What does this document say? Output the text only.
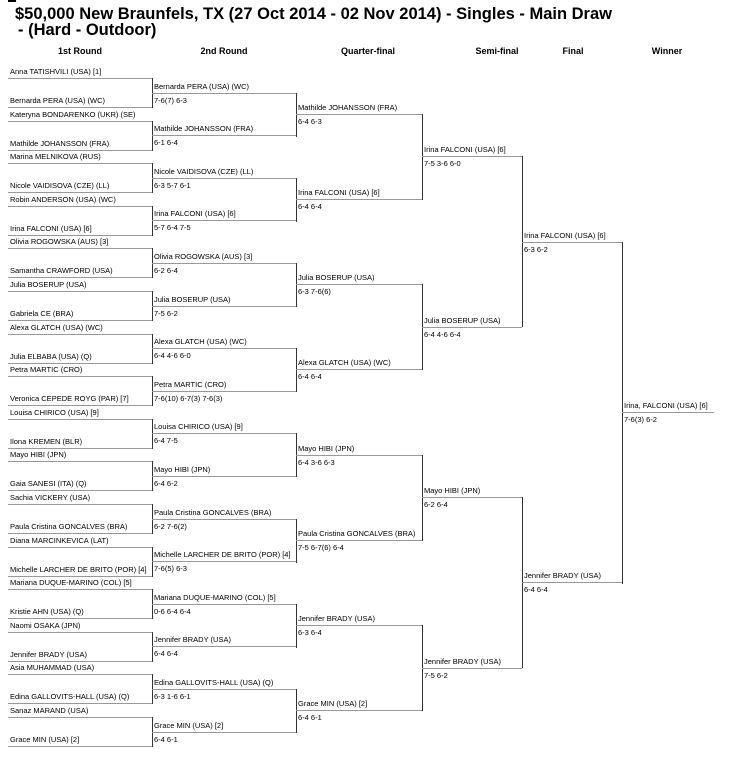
$50,000 New Braunfels, TX (27 Oct 2014 - 02 Nov 2014) - Singles - Main Draw
- (Hard - Outdoor)
1st Round	2nd Round	Quarter-final	Semi-final	Final	Winner
Anna TATISHVILI (USA) [1]
Bernarda PERA (USA) (WC)
Kateryna BONDARENKO (UKR) (SE)
Mathilde JOHANSSON (FRA)
Marina MELNIKOVA (RUS)
Nicole VAIDISOVA (CZE) (LL)
Robin ANDERSON (USA) (WC)
Irina FALCONI (USA) [6]
Olivia ROGOWSKA (AUS) [3]
Samantha CRAWFORD (USA)
Julia BOSERUP (USA)
Gabriela CE (BRA)
Alexa GLATCH (USA) (WC)
Julia ELBABA (USA) (Q)
Petra MARTIC (CRO)
Veronica CEPEDE ROYG (PAR) [7]
Louisa CHIRICO (USA) [9]
Ilona KREMEN (BLR)
Mayo HIBI (JPN)
Gaia SANESI (ITA) (Q)
Sachia VICKERY (USA)
Paula Cristina GONCALVES (BRA)
Diana MARCINKEVICA (LAT)
Michelle LARCHER DE BRITO (POR) [4]
Mariana DUQUE-MARINO (COL) [5]
Kristie AHN (USA) (Q)
Naomi OSAKA (JPN)
Jennifer BRADY (USA)
Asia MUHAMMAD (USA)
Edina GALLOVITS-HALL (USA) (Q)
Sanaz MARAND (USA)
Grace MIN (USA) [2]
Bernarda PERA (USA) (WC)
7-6(7) 6-3
Mathilde JOHANSSON (FRA)
6-1 6-4
Nicole VAIDISOVA (CZE) (LL)
6-3 5-7 6-1
Irina FALCONI (USA) [6]
5-7 6-4 7-5
Olivia ROGOWSKA (AUS) [3]
6-2 6-4
Julia BOSERUP (USA)
7-5 6-2
Alexa GLATCH (USA) (WC)
6-4 4-6 6-0
Petra MARTIC (CRO)
7-6(10) 6-7(3) 7-6(3)
Louisa CHIRICO (USA) [9]
6-4 7-5
Mayo HIBI (JPN)
6-4 6-2
Paula Cristina GONCALVES (BRA)
6-2 7-6(2)
Michelle LARCHER DE BRITO (POR) [4]
7-6(5) 6-3
Mariana DUQUE-MARINO (COL) [5]
0-6 6-4 6-4
Jennifer BRADY (USA)
6-4 6-4
Edina GALLOVITS-HALL (USA) (Q)
6-3 1-6 6-1
Grace MIN (USA) [2]
6-4 6-1
Mathilde JOHANSSON (FRA)
6-4 6-3
Irina FALCONI (USA) [6]
6-4 6-4
Julia BOSERUP (USA)
6-3 7-6(6)
Alexa GLATCH (USA) (WC)
6-4 6-4
Mayo HIBI (JPN)
6-4 3-6 6-3
Paula Cristina GONCALVES (BRA)
7-5 6-7(6) 6-4
Jennifer BRADY (USA)
6-3 6-4
Grace MIN (USA) [2]
6-4 6-1
Irina FALCONI (USA) [6]
7-5 3-6 6-0
Julia BOSERUP (USA)
6-4 4-6 6-4
Mayo HIBI (JPN)
6-2 6-4
Jennifer BRADY (USA)
7-5 6-2
Irina FALCONI (USA) [6]
6-3 6-2
Jennifer BRADY (USA)
6-4 6-4
Irina, FALCONI (USA) [6]
7-6(3) 6-2
